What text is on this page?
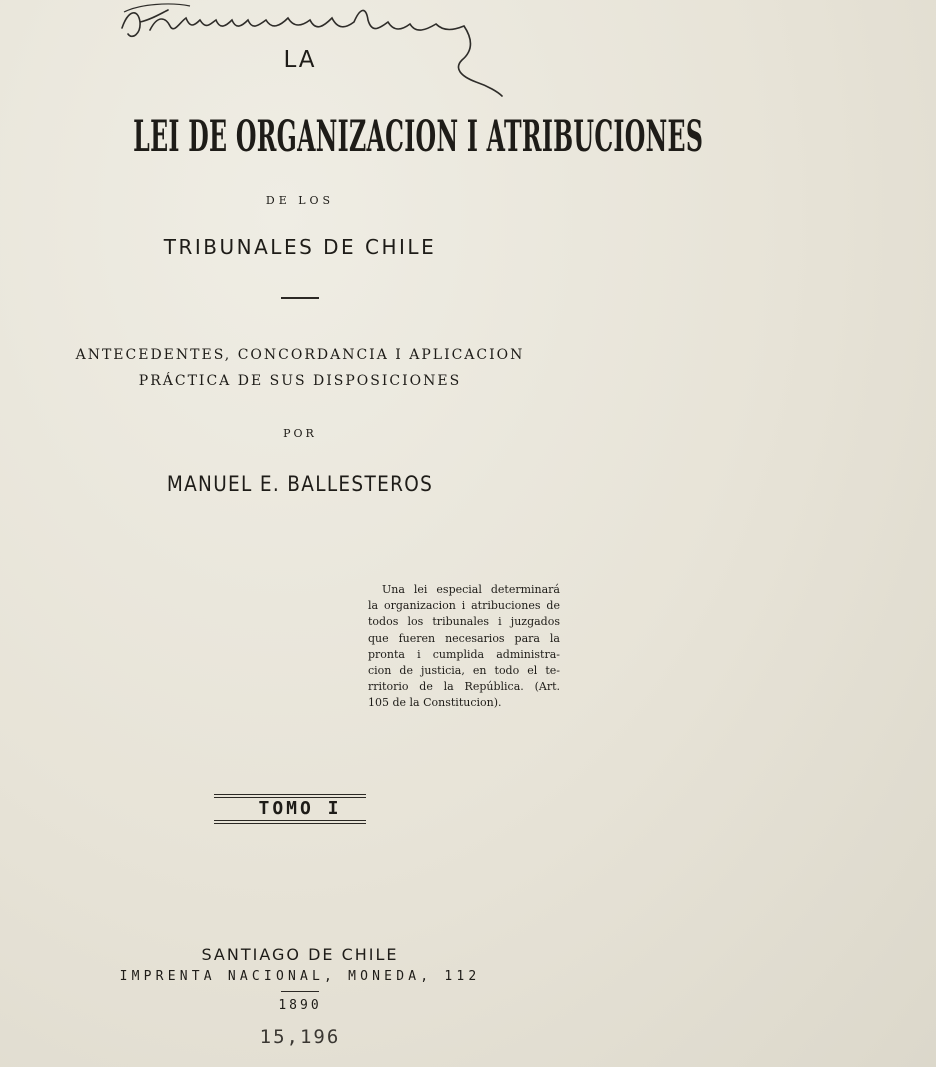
LA
LEI DE ORGANIZACION I ATRIBUCIONES
DE LOS
TRIBUNALES DE CHILE
ANTECEDENTES, CONCORDANCIA I APLICACION
PRÁCTICA DE SUS DISPOSICIONES
POR
MANUEL E. BALLESTEROS
Una lei especial determinará
la organizacion i atribuciones de
todos los tribunales i juzgados
que fueren necesarios para la
pronta i cumplida administra-
cion de justicia, en todo el te-
rritorio de la República. (Art.
105 de la Constitucion).
TOMO I
SANTIAGO DE CHILE
IMPRENTA NACIONAL, MONEDA, 112
1890
15,196
